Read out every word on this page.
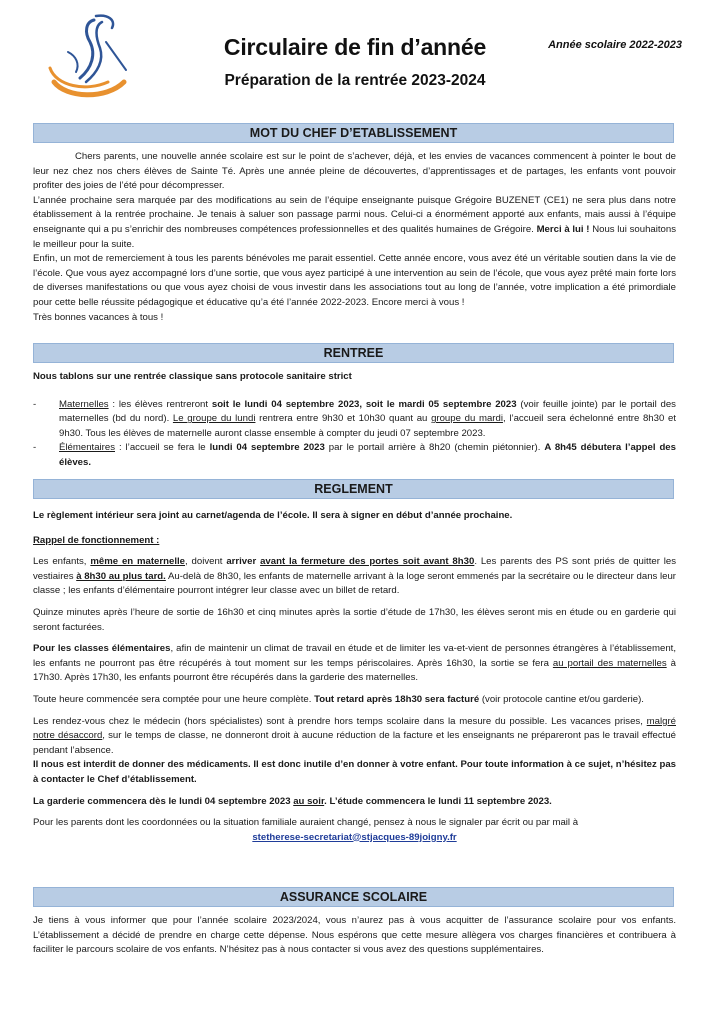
Circulaire de fin d’année
Préparation de la rentrée 2023-2024
Année scolaire 2022-2023
MOT DU CHEF D’ETABLISSEMENT

Chers parents, une nouvelle année scolaire est sur le point de s’achever, déjà, et les envies de vacances commencent à pointer le bout de leur nez chez nos chers élèves de Sainte Té. Après une année pleine de découvertes, d’apprentissages et de partages, les enfants vont pouvoir profiter des joies de l’été pour décompresser.

L’année prochaine sera marquée par des modifications au sein de l’équipe enseignante puisque Grégoire BUZENET (CE1) ne sera plus dans notre établissement à la rentrée prochaine. Je tenais à saluer son passage parmi nous. Celui-ci a énormément apporté aux enfants, mais aussi à l’équipe enseignante qui a pu s’enrichir des nombreuses compétences professionnelles et des qualités humaines de Grégoire. Merci à lui ! Nous lui souhaitons le meilleur pour la suite.

Enfin, un mot de remerciement à tous les parents bénévoles me parait essentiel. Cette année encore, vous avez été un véritable soutien dans la vie de l’école. Que vous ayez accompagné lors d’une sortie, que vous ayez participé à une intervention au sein de l’école, que vous ayez prêté main forte lors de diverses manifestations ou que vous ayez choisi de vous investir dans les associations tout au long de l’année, votre implication a été primordiale pour cette belle réussite pédagogique et éducative qu’a été l’année 2022-2023. Encore merci à vous !

Très bonnes vacances à tous !

RENTREE

Nous tablons sur une rentrée classique sans protocole sanitaire strict

- Maternelles : les élèves rentreront soit le lundi 04 septembre 2023, soit le mardi 05 septembre 2023 (voir feuille jointe) par le portail des maternelles (bd du nord). Le groupe du lundi rentrera entre 9h30 et 10h30 quant au groupe du mardi, l’accueil sera échelonné entre 8h30 et 9h30. Tous les élèves de maternelle auront classe ensemble à compter du jeudi 07 septembre 2023.
- Élémentaires : l’accueil se fera le lundi 04 septembre 2023 par le portail arrière à 8h20 (chemin piétonnier). A 8h45 débutera l’appel des élèves.
REGLEMENT

Le règlement intérieur sera joint au carnet/agenda de l’école. Il sera à signer en début d’année prochaine.

Rappel de fonctionnement :

Les enfants, même en maternelle, doivent arriver avant la fermeture des portes soit avant 8h30. Les parents des PS sont priés de quitter les vestiaires à 8h30 au plus tard. Au-delà de 8h30, les enfants de maternelle arrivant à la loge seront emmenés par la secrétaire ou le directeur dans leur classe ; les enfants d’élémentaire pourront intégrer leur classe avec un billet de retard.

Quinze minutes après l’heure de sortie de 16h30 et cinq minutes après la sortie d’étude de 17h30, les élèves seront mis en étude ou en garderie qui seront facturées.

Pour les classes élémentaires, afin de maintenir un climat de travail en étude et de limiter les va-et-vient de personnes étrangères à l’établissement, les enfants ne pourront pas être récupérés à tout moment sur les temps périscolaires. Après 16h30, la sortie se fera au portail des maternelles à 17h30. Après 17h30, les enfants pourront être récupérés dans la garderie des maternelles.

Toute heure commencée sera comptée pour une heure complète. Tout retard après 18h30 sera facturé (voir protocole cantine et/ou garderie).

Les rendez-vous chez le médecin (hors spécialistes) sont à prendre hors temps scolaire dans la mesure du possible. Les vacances prises, malgré notre désaccord, sur le temps de classe, ne donneront droit à aucune réduction de la facture et les enseignants ne prépareront pas le travail effectué pendant l’absence.

Il nous est interdit de donner des médicaments. Il est donc inutile d’en donner à votre enfant. Pour toute information à ce sujet, n’hésitez pas à contacter le Chef d’établissement.

La garderie commencera dès le lundi 04 septembre 2023 au soir. L’étude commencera le lundi 11 septembre 2023.

Pour les parents dont les coordonnées ou la situation familiale auraient changé, pensez à nous le signaler par écrit ou par mail à

stetherese-secretariat@stjacques-89joigny.fr

ASSURANCE SCOLAIRE

Je tiens à vous informer que pour l’année scolaire 2023/2024, vous n’aurez pas à vous acquitter de l’assurance scolaire pour vos enfants. L’établissement a décidé de prendre en charge cette dépense. Nous espérons que cette mesure allègera vos charges financières et contribuera à faciliter le parcours scolaire de vos enfants. N’hésitez pas à nous contacter si vous avez des questions supplémentaires.
